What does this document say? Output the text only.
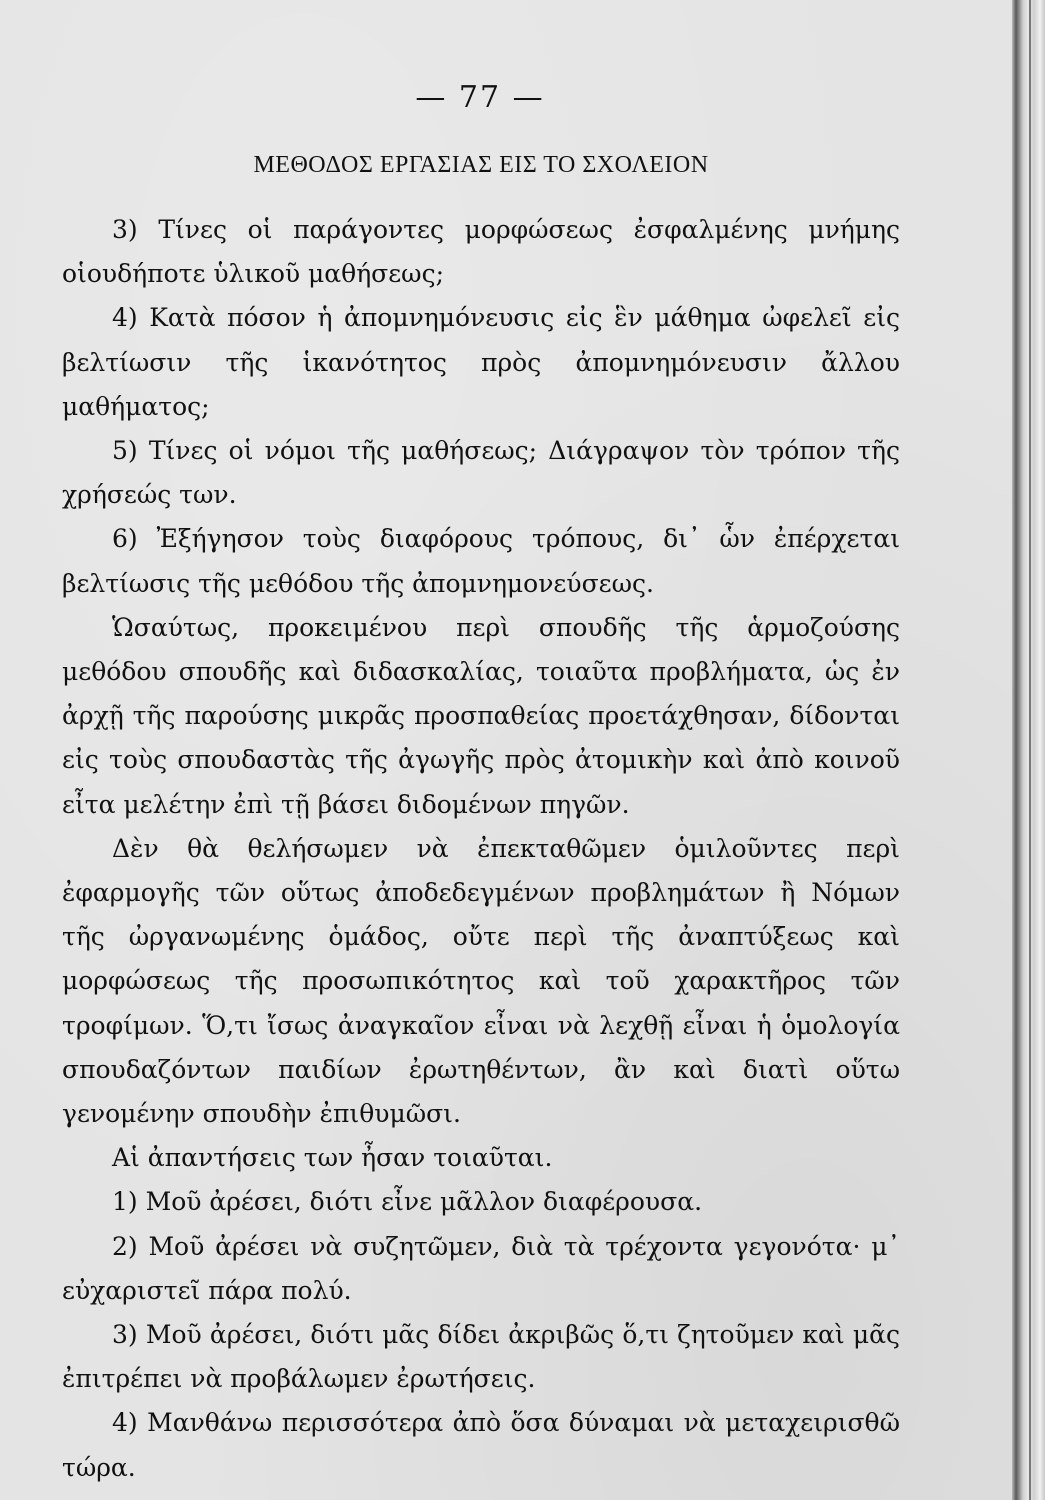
— 77 —
ΜΕΘΟΔΟΣ ΕΡΓΑΣΙΑΣ ΕΙΣ ΤΟ ΣΧΟΛΕΙΟΝ

3) Τίνες οἱ παράγοντες μορφώσεως ἐσφαλμένης μνήμης οἱουδήποτε ὑλικοῦ μαθήσεως;

4) Κατὰ πόσον ἡ ἀπομνημόνευσις εἰς ἓν μάθημα ὠφελεῖ εἰς βελτίωσιν τῆς ἱκανότητος πρὸς ἀπομνημόνευσιν ἄλλου μαθήματος;

5) Τίνες οἱ νόμοι τῆς μαθήσεως; Διάγραψον τὸν τρόπον τῆς χρήσεώς των.

6) Ἐξήγησον τοὺς διαφόρους τρόπους, δι᾽ ὧν ἐπέρχεται βελτίωσις τῆς μεθόδου τῆς ἀπομνημονεύσεως.

Ὡσαύτως, προκειμένου περὶ σπουδῆς τῆς ἁρμοζούσης μεθόδου σπουδῆς καὶ διδασκαλίας, τοιαῦτα προβλήματα, ὡς ἐν ἀρχῇ τῆς παρούσης μικρᾶς προσπαθείας προετάχθησαν, δίδονται εἰς τοὺς σπουδαστὰς τῆς ἀγωγῆς πρὸς ἀτομικὴν καὶ ἀπὸ κοινοῦ εἶτα μελέτην ἐπὶ τῇ βάσει διδομένων πηγῶν.

Δὲν θὰ θελήσωμεν νὰ ἐπεκταθῶμεν ὁμιλοῦντες περὶ ἐφαρμογῆς τῶν οὕτως ἀποδεδεγμένων προβλημάτων ἢ Νόμων τῆς ὠργανωμένης ὁμάδος, οὔτε περὶ τῆς ἀναπτύξεως καὶ μορφώσεως τῆς προσωπικότητος καὶ τοῦ χαρακτῆρος τῶν τροφίμων. Ὅ,τι ἴσως ἀναγκαῖον εἶναι νὰ λεχθῇ εἶναι ἡ ὁμολογία σπουδαζόντων παιδίων ἐρωτηθέντων, ἂν καὶ διατὶ οὕτω γενομένην σπουδὴν ἐπιθυμῶσι.

Αἱ ἀπαντήσεις των ἦσαν τοιαῦται.

1) Μοῦ ἀρέσει, διότι εἶνε μᾶλλον διαφέρουσα.

2) Μοῦ ἀρέσει νὰ συζητῶμεν, διὰ τὰ τρέχοντα γεγονότα· μ᾽ εὐχαριστεῖ πάρα πολύ.

3) Μοῦ ἀρέσει, διότι μᾶς δίδει ἀκριβῶς ὅ,τι ζητοῦμεν καὶ μᾶς ἐπιτρέπει νὰ προβάλωμεν ἐρωτήσεις.

4) Μανθάνω περισσότερα ἀπὸ ὅσα δύναμαι νὰ μεταχειρισθῶ τώρα.
